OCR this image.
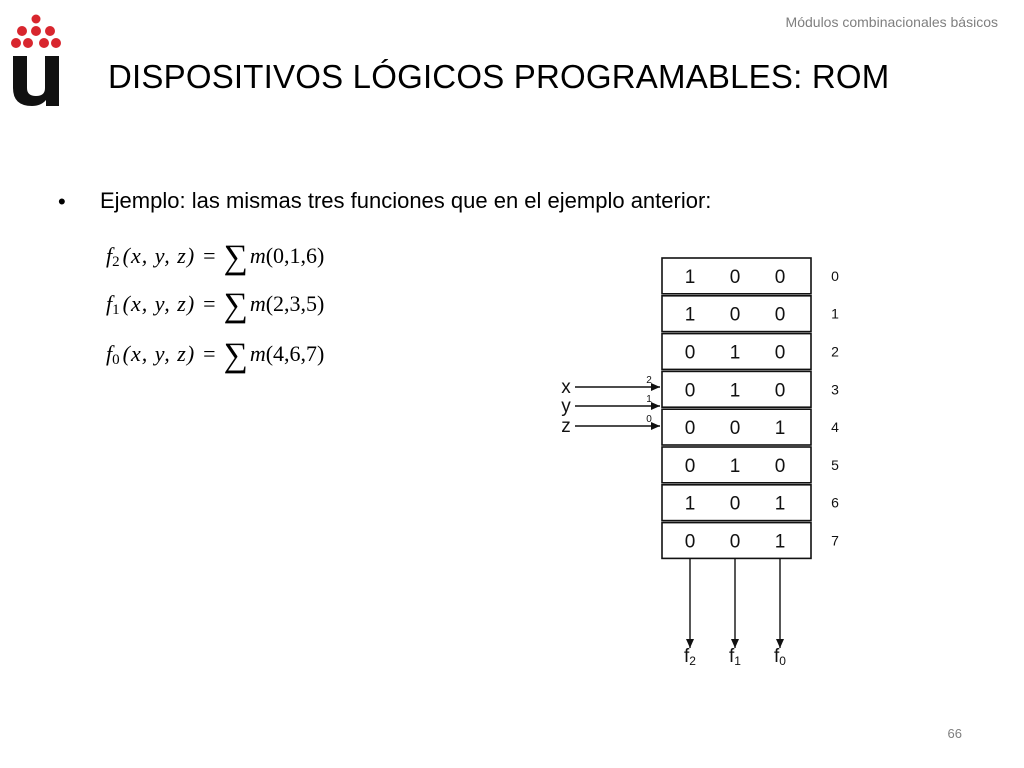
Módulos combinacionales básicos
DISPOSITIVOS LÓGICOS PROGRAMABLES: ROM
• Ejemplo: las mismas tres funciones que en el ejemplo anterior:
f 2 (x, y, z) = ∑ m (0,1,6)
f 1 (x, y, z) = ∑ m (2,3,5)
f 0 (x, y, z) = ∑ m (4,6,7)
1 0 0	0
1 0 0	1
0 1 0	2
0 1 0	3
0 0 1	4
0 1 0	5
1 0 1	6
0 0 1	7
x	2
y	1
z	0
f2 f1 f0
66
